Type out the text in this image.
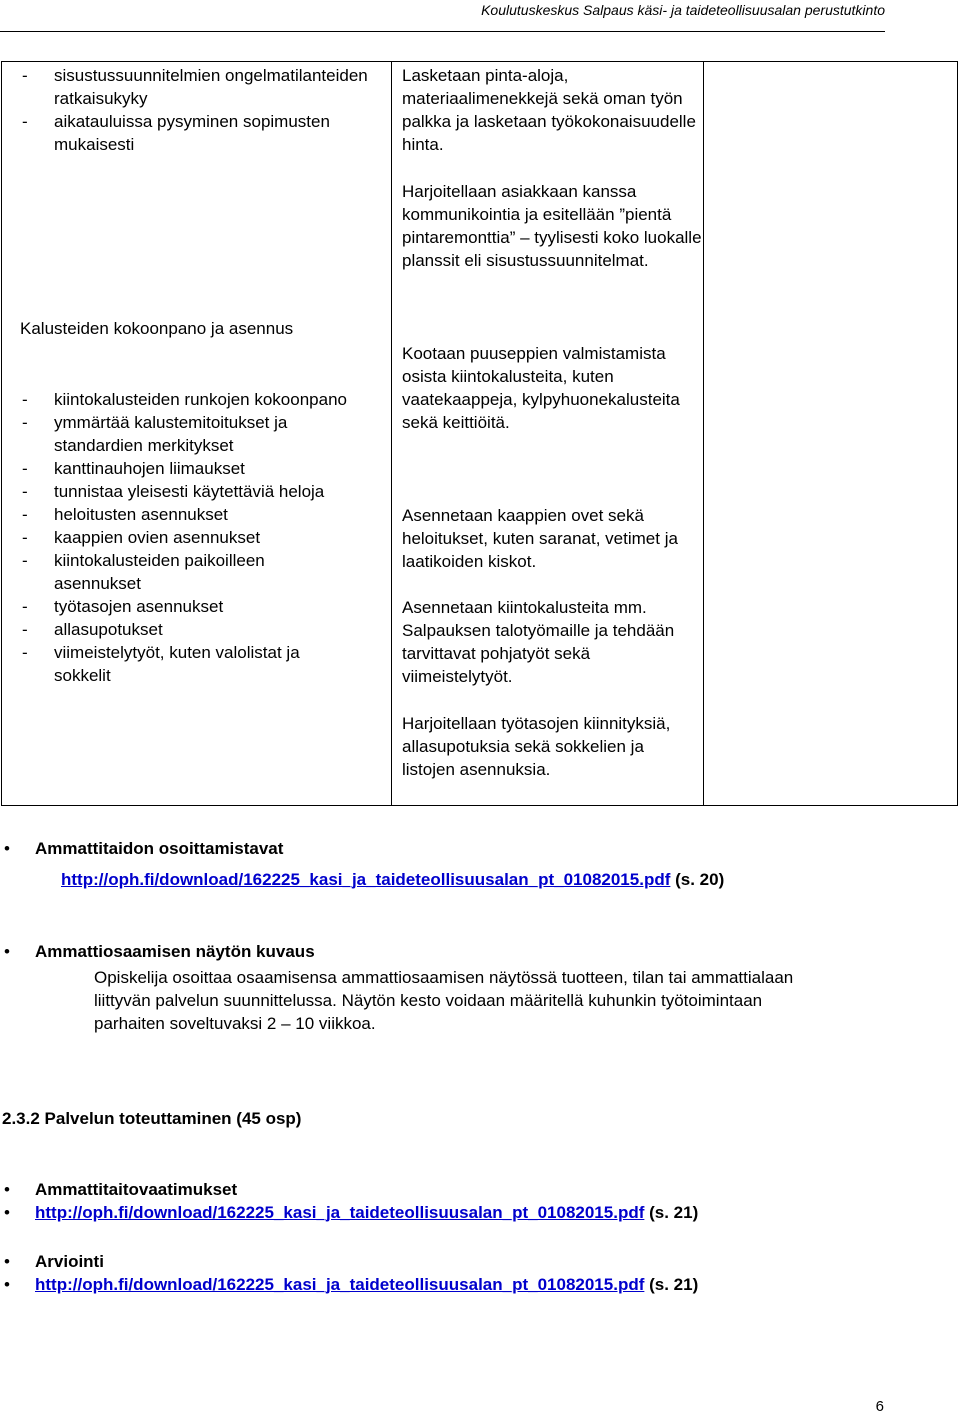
Koulutuskeskus Salpaus käsi- ja taideteollisuusalan perustutkinto
- sisustussuunnitelmien ongelmatilanteiden ratkaisukyky
- aikatauluissa pysyminen sopimusten mukaisesti
Kalusteiden kokoonpano ja asennus
- kiintokalusteiden runkojen kokoonpano
- ymmärtää kalustemitoitukset ja standardien merkitykset
- kanttinauhojen liimaukset
- tunnistaa yleisesti käytettäviä heloja
- heloitusten asennukset
- kaappien ovien asennukset
- kiintokalusteiden paikoilleen asennukset
- työtasojen asennukset
- allasupotukset
- viimeistelytyöt, kuten valolistat ja sokkelit

Lasketaan pinta-aloja, materiaalimenekkejä sekä oman työn palkka ja lasketaan työkokonaisuudelle hinta.

Harjoitellaan asiakkaan kanssa kommunikointia ja esitellään ”pientä pintaremonttia” – tyylisesti koko luokalle planssit eli sisustussuunnitelmat.

Kootaan puuseppien valmistamista osista kiintokalusteita, kuten vaatekaappeja, kylpyhuonekalusteita sekä keittiöitä.

Asennetaan kaappien ovet sekä heloitukset, kuten saranat, vetimet ja laatikoiden kiskot.

Asennetaan kiintokalusteita mm. Salpauksen talotyömaille ja tehdään tarvittavat pohjatyöt sekä viimeistelytyöt.

Harjoitellaan työtasojen kiinnityksiä, allasupotuksia sekä sokkelien ja listojen asennuksia.

• Ammattitaidon osoittamistavat
http://oph.fi/download/162225_kasi_ja_taideteollisuusalan_pt_01082015.pdf (s. 20)
• Ammattiosaamisen näytön kuvaus
Opiskelija osoittaa osaamisensa ammattiosaamisen näytössä tuotteen, tilan tai ammattialaan liittyvän palvelun suunnittelussa. Näytön kesto voidaan määritellä kuhunkin työtoimintaan parhaiten soveltuvaksi 2 – 10 viikkoa.
2.3.2 Palvelun toteuttaminen (45 osp)
• Ammattitaitovaatimukset
• http://oph.fi/download/162225_kasi_ja_taideteollisuusalan_pt_01082015.pdf (s. 21)
• Arviointi
• http://oph.fi/download/162225_kasi_ja_taideteollisuusalan_pt_01082015.pdf (s. 21)
6
